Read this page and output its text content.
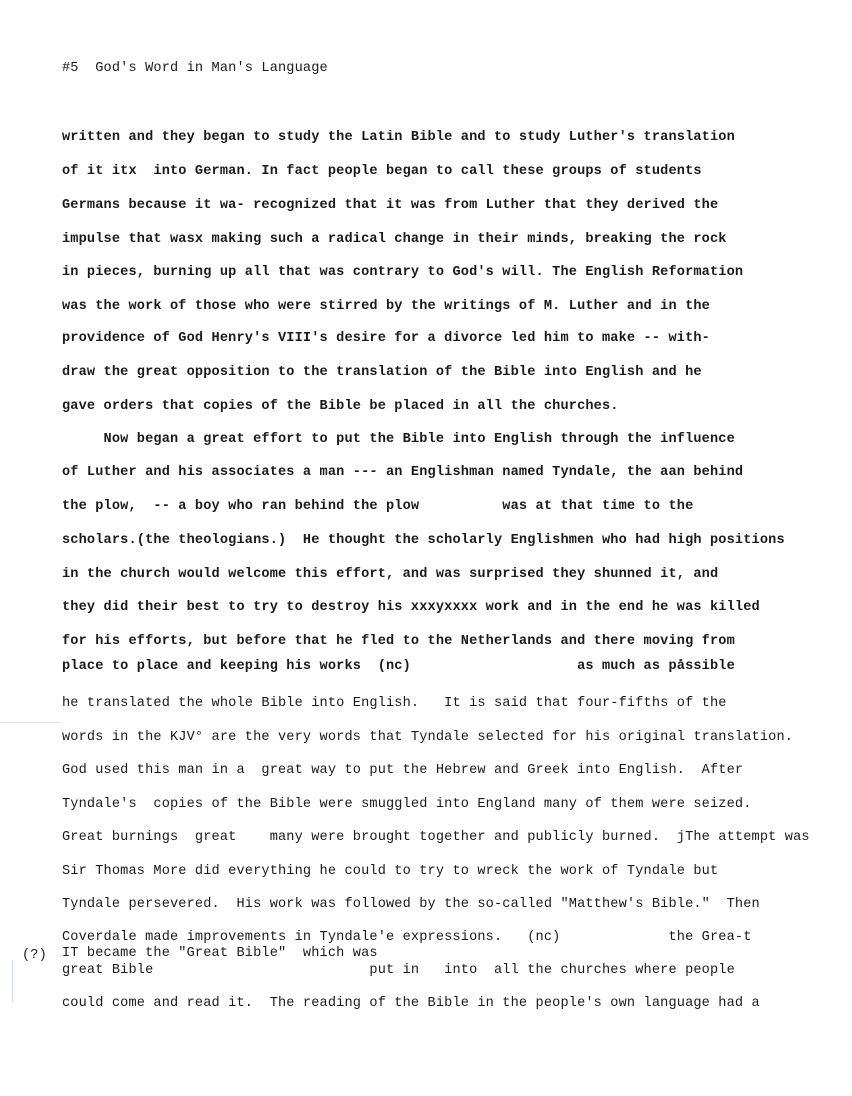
#5  God's Word in Man's Language
written and they began to study the Latin Bible and to study Luther's translation
of it itx  into German. In fact people began to call these groups of students
Germans because it wa- recognized that it was from Luther that they derived the
impulse that wasx making such a radical change in their minds, breaking the rock
in pieces, burning up all that was contrary to God's will. The English Reformation
was the work of those who were stirred by the writings of M. Luther and in the
providence of God Henry's VIII's desire for a divorce led him to make -- with-
draw the great opposition to the translation of the Bible into English and he
gave orders that copies of the Bible be placed in all the churches.
Now began a great effort to put the Bible into English through the influence
of Luther and his associates a man --- an Englishman named Tyndale, the aan behind
the plow,  -- a boy who ran behind the plow          was at that time to the
scholars.(the theologians.)  He thought the scholarly Englishmen who had high positions
in the church would welcome this effort, and was surprised they shunned it, and
they did their best to try to destroy his xxxyxxxx work and in the end he was killed
for his efforts, but before that he fled to the Netherlands and there moving from
place to place and keeping his works  (nc)                    as much as påssible
he translated the whole Bible into English.   It is said that four-fifths of the
words in the KJV° are the very words that Tyndale selected for his original translation.
God used this man in a  great way to put the Hebrew and Greek into English.  After
Tyndale's  copies of the Bible were smuggled into England many of them were seized.
Great burnings  great    many were brought together and publicly burned.  jThe attempt was
Sir Thomas More did everything he could to try to wreck the work of Tyndale but
Tyndale persevered.  His work was followed by the so-called "Matthew's Bible."  Then
Coverdale made improvements in Tyndale'e expressions.   (nc)             the Grea-t
IT became the "Great Bible"  which was
great Bible                          put in   into  all the churches where people
could come and read it.  The reading of the Bible in the people's own language had a
(?)
